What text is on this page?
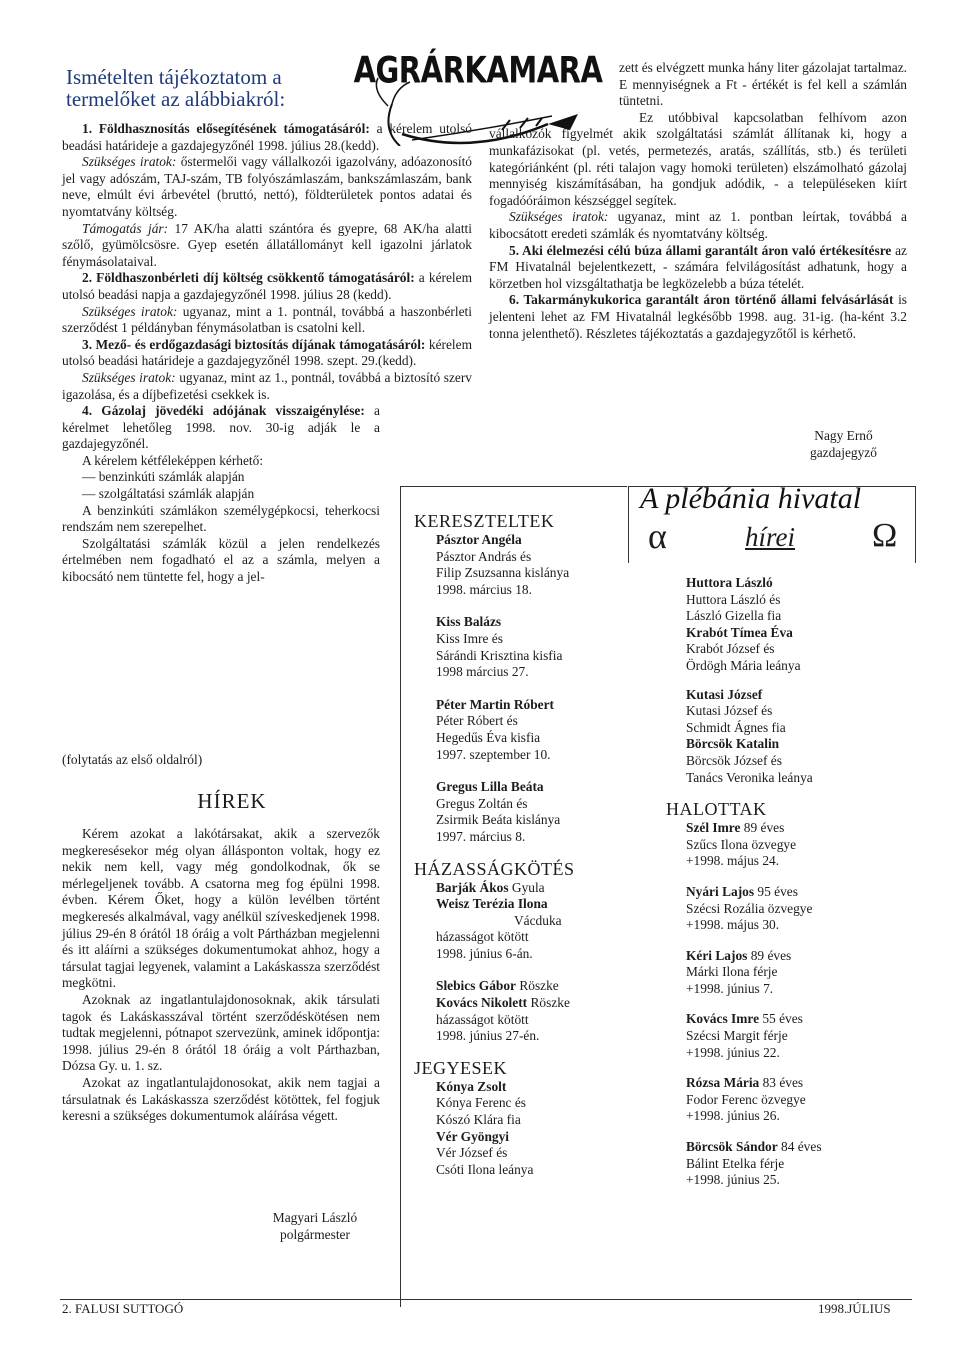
Ismételten tájékoztatom a
termelőket az alábbiakról:
AGRÁRKAMARA

1. Földhasznosítás elősegítésének támogatásáról: a kérelem utolsó beadási határideje a gazdajegyzőnél 1998. július 28.(kedd).

Szükséges iratok: őstermelői vagy vállalkozói igazolvány, adóazonosító jel vagy adószám, TAJ-szám, TB folyószámlaszám, bankszámlaszám, bank neve, elmúlt évi árbevétel (bruttó, nettó), földterületek pontos adatai és nyomtatvány költség.

Támogatás jár: 17 AK/ha alatti szántóra és gyepre, 68 AK/ha alatti szőlő, gyümölcsösre. Gyep esetén állatállományt kell igazolni járlatok fénymásolataival.

2. Földhaszonbérleti díj költség csökkentő támogatásáról: a kérelem utolsó beadási napja a gazdajegyzőnél 1998. július 28 (kedd).

Szükséges iratok: ugyanaz, mint a 1. pontnál, továbbá a haszonbérleti szerződést 1 példányban fénymásolatban is csatolni kell.

3. Mező- és erdőgazdasági biztosítás díjának támogatásáról: kérelem utolsó beadási határideje a gazdajegyzőnél 1998. szept. 29.(kedd).

Szükséges iratok: ugyanaz, mint az 1., pontnál, továbbá a biztosító szerv igazolása, és a díjbefizetési csekkek is.

4. Gázolaj jövedéki adójának visszaigénylése: a kérelmet lehetőleg 1998. nov. 30-ig adják le a gazdajegyzőnél.

A kérelem kétféleképpen kérhető:

— benzinkúti számlák alapján

— szolgáltatási számlák alapján

A benzinkúti számlákon személygépkocsi, teherkocsi rendszám nem szerepelhet.

Szolgáltatási számlák közül a jelen rendelkezés értelmében nem fogadható el az a számla, melyen a kibocsátó nem tüntette fel, hogy a jel-

(folytatás az első oldalról)
HÍREK

Kérem azokat a lakótársakat, akik a szervezők megkeresésekor még olyan állásponton voltak, hogy ez nekik nem kell, vagy még gondolkodnak, ők se mérlegeljenek tovább. A csatorna meg fog épülni 1998. évben. Kérem Őket, hogy a külön levélben történt megkeresés alkalmával, vagy anélkül szíveskedjenek 1998. július 29-én 8 órától 18 óráig a volt Pártházban megjelenni és itt aláírni a szükséges dokumentumokat ahhoz, hogy a társulat tagjai legyenek, valamint a Lakáskassza szerződést megkötni.

Azoknak az ingatlantulajdonosoknak, akik társulati tagok és Lakáskasszával történt szerződéskötésen nem tudtak megjelenni, pótnapot szervezünk, aminek időpontja: 1998. július 29-én 8 órától 18 óráig a volt Párthazban, Dózsa Gy. u. 1. sz.

Azokat az ingatlantulajdonosokat, akik nem tagjai a társulatnak és Lakáskassza szerződést kötöttek, fel fogjuk keresni a szükséges dokumentumok aláírása végett.

Magyari László
polgármester

zett és elvégzett munka hány liter gázolajat tartalmaz. E mennyiségnek a Ft - értékét is fel kell a számlán tüntetni.

Ez utóbbival kapcsolatban felhívom azon vállalkozók figyelmét akik szolgáltatási számlát állítanak ki, hogy a munkafázisokat (pl. vetés, permetezés, aratás, szállítás, stb.) és területi kategóriánként (pl. réti talajon vagy homoki területen) elszámolható gázolaj mennyiség kiszámításában, ha gondjuk adódik, - a településeken kiírt fogadóóráimon készséggel segítek.

Szükséges iratok: ugyanaz, mint az 1. pontban leírtak, továbbá a kibocsátott eredeti számlák és nyomtatvány költség.

5. Aki élelmezési célú búza állami garantált áron való értékesítésre az FM Hivatalnál bejelentkezett, - számára felvilágosítást adhatunk, hogy a körzetben hol vizsgáltathatja be legközelebb a búza tételét.

6. Takarmánykukorica garantált áron történő állami felvásárlását is jelenteni lehet az FM Hivatalnál legkésőbb 1998. aug. 31-ig. (ha-ként 3.2 tonna jelenthető). Részletes tájékoztatás a gazdajegyzőtől is kérhető.

Nagy Ernő
gazdajegyző
A plébánia hivatal
α	hírei Ω
KERESZTELTEK
Pásztor Angéla
Pásztor András és
Filip Zsuzsanna kislánya
1998. március 18.
Kiss Balázs
Kiss Imre és
Sárándi Krisztina kisfia
1998 március 27.
Péter Martin Róbert
Péter Róbert és
Hegedűs Éva kisfia
1997. szeptember 10.
Gregus Lilla Beáta
Gregus Zoltán és
Zsirmik Beáta kislánya
1997. március 8.
HÁZASSÁGKÖTÉS
Barják Ákos Gyula
Weisz Terézia Ilona
Vácduka
házasságot kötött
1998. június 6-án.
Slebics Gábor Röszke
Kovács Nikolett Röszke
házasságot kötött
1998. június 27-én.
JEGYESEK
Kónya Zsolt
Kónya Ferenc és
Kószó Klára fia
Vér Gyöngyi
Vér József és
Csóti Ilona leánya
Huttora László
Huttora László és
László Gizella fia
Krabót Tímea Éva
Krabót József és
Ördögh Mária leánya
Kutasi József
Kutasi József és
Schmidt Ágnes fia
Börcsök Katalin
Börcsök József és
Tanács Veronika leánya
HALOTTAK
Szél Imre 89 éves
Szűcs Ilona özvegye
+1998. május 24.
Nyári Lajos 95 éves
Szécsi Rozália özvegye
+1998. május 30.
Kéri Lajos 89 éves
Márki Ilona férje
+1998. június 7.
Kovács Imre 55 éves
Szécsi Margit férje
+1998. június 22.
Rózsa Mária 83 éves
Fodor Ferenc özvegye
+1998. június 26.
Börcsök Sándor 84 éves
Bálint Etelka férje
+1998. június 25.
2. FALUSI SUTTOGÓ	1998.JÚLIUS
